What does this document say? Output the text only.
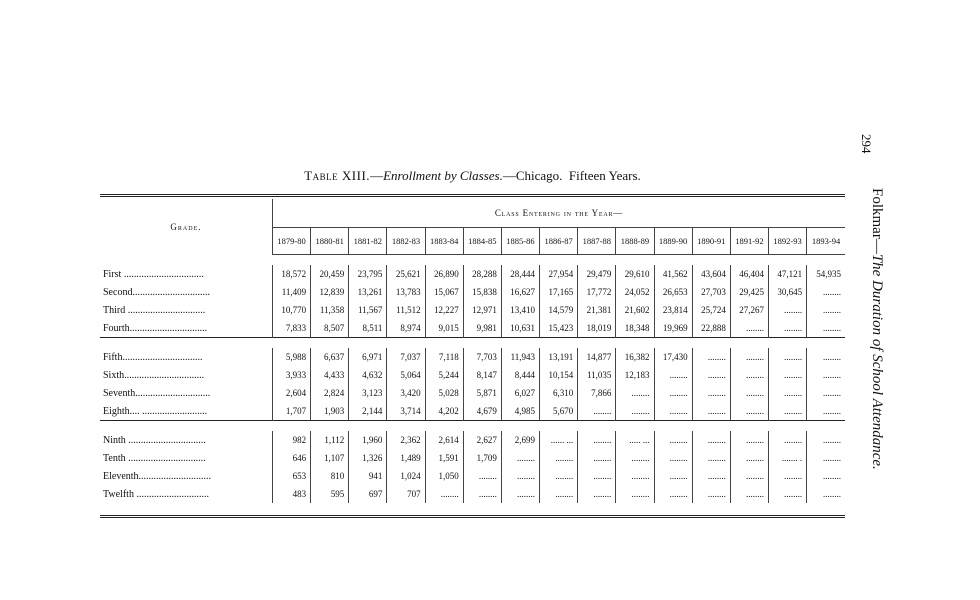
Table XIII.—Enrollment by Classes.—Chicago. Fifteen Years.
Grade.	Class Entering in the Year—														
	1879-80	1880-81	1881-82	1882-83	1883-84	1884-85	1885-86	1886-87	1887-88	1888-89	1889-90	1890-91	1891-92	1892-93	1893-94

First ................................	18,572	20,459	23,795	25,621	26,890	28,288	28,444	27,954	29,479	29,610	41,562	43,604	46,404	47,121	54,935
Second...............................	11,409	12,839	13,261	13,783	15,067	15,838	16,627	17,165	17,772	24,052	26,653	27,703	29,425	30,645	........
Third ...............................	10,770	11,358	11,567	11,512	12,227	12,971	13,410	14,579	21,381	21,602	23,814	25,724	27,267	........	........
Fourth...............................	7,833	8,507	8,511	8,974	9,015	9,981	10,631	15,423	18,019	18,348	19,969	22,888	........	........	........

Fifth................................	5,988	6,637	6,971	7,037	7,118	7,703	11,943	13,191	14,877	16,382	17,430	........	........	........	........
Sixth................................	3,933	4,433	4,632	5,064	5,244	8,147	8,444	10,154	11,035	12,183	........	........	........	........	........
Seventh..............................	2,604	2,824	3,123	3,420	5,028	5,871	6,027	6,310	7,866	........	........	........	........	........	........
Eighth.... ..........................	1,707	1,903	2,144	3,714	4,202	4,679	4,985	5,670	........	........	........	........	........	........	........

Ninth ...............................	982	1,112	1,960	2,362	2,614	2,627	2,699	...... ...	........	..... ...	........	........	........	........	........
Tenth ...............................	646	1,107	1,326	1,489	1,591	1,709	........	........	........	........	........	........	........	....... .	........
Eleventh.............................	653	810	941	1,024	1,050	........	........	........	........	........	........	........	........	........	........
Twelfth .............................	483	595	697	707	........	........	........	........	........	........	........	........	........	........	........
294
Folkmar—The Duration of School Attendance.
